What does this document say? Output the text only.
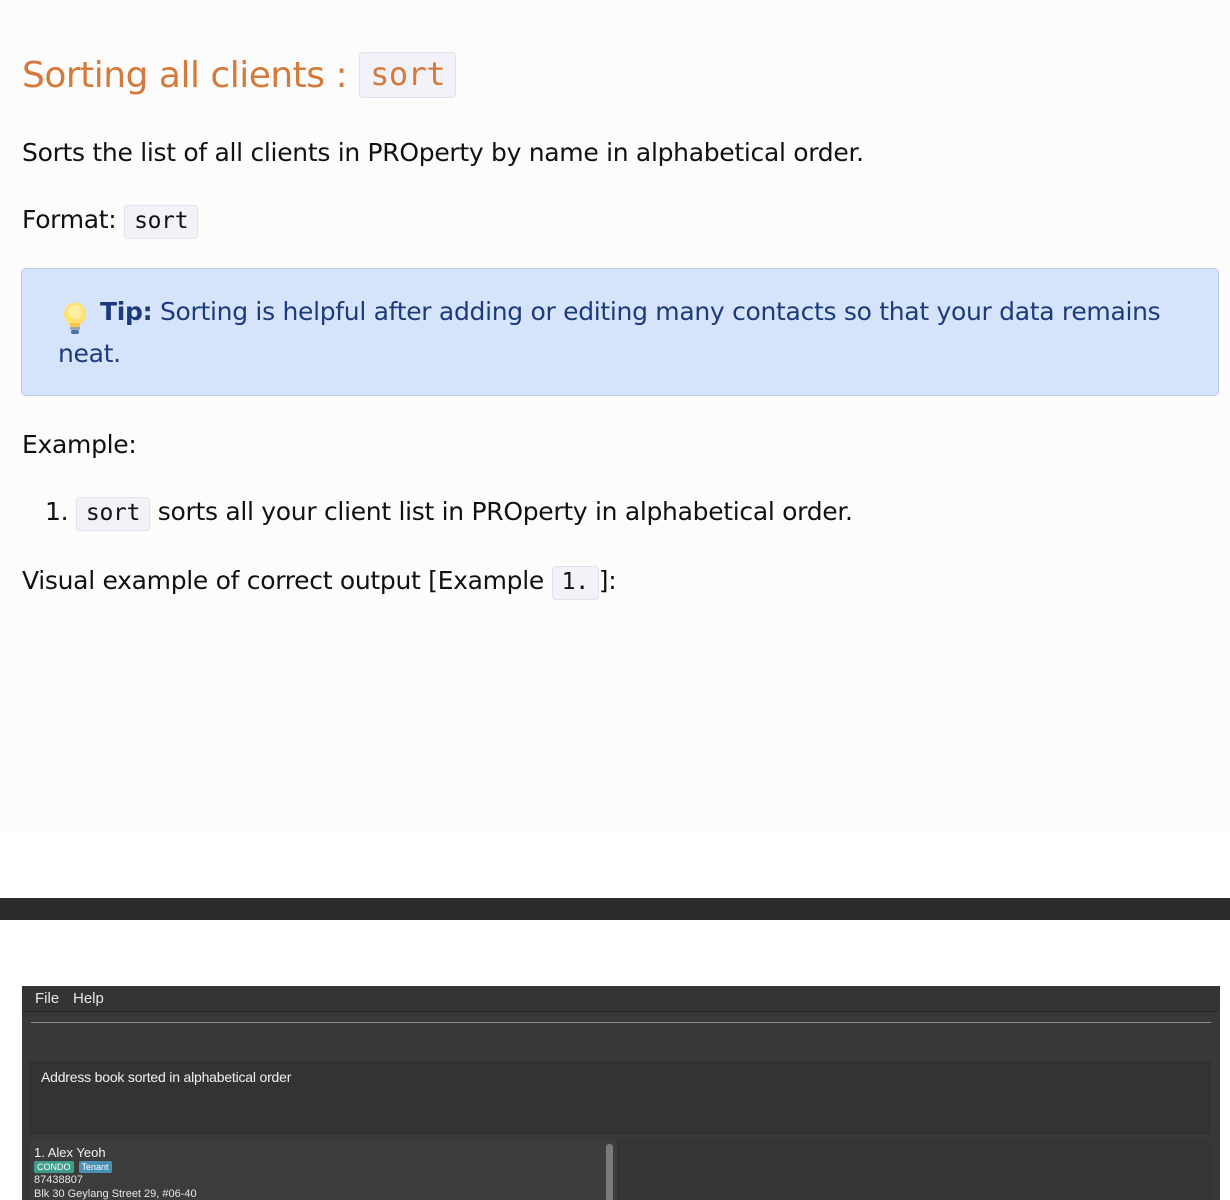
Sorting all clients : sort

Sorts the list of all clients in PROperty by name in alphabetical order.

Format: sort

Tip: Sorting is helpful after adding or editing many contacts so that your data remains
neat.

Example:

1. sort sorts all your client list in PROperty in alphabetical order.

Visual example of correct output [Example 1. ]:

File Help
Address book sorted in alphabetical order
1. Alex Yeoh
CONDO	Tenant
87438807
Blk 30 Geylang Street 29, #06-40
